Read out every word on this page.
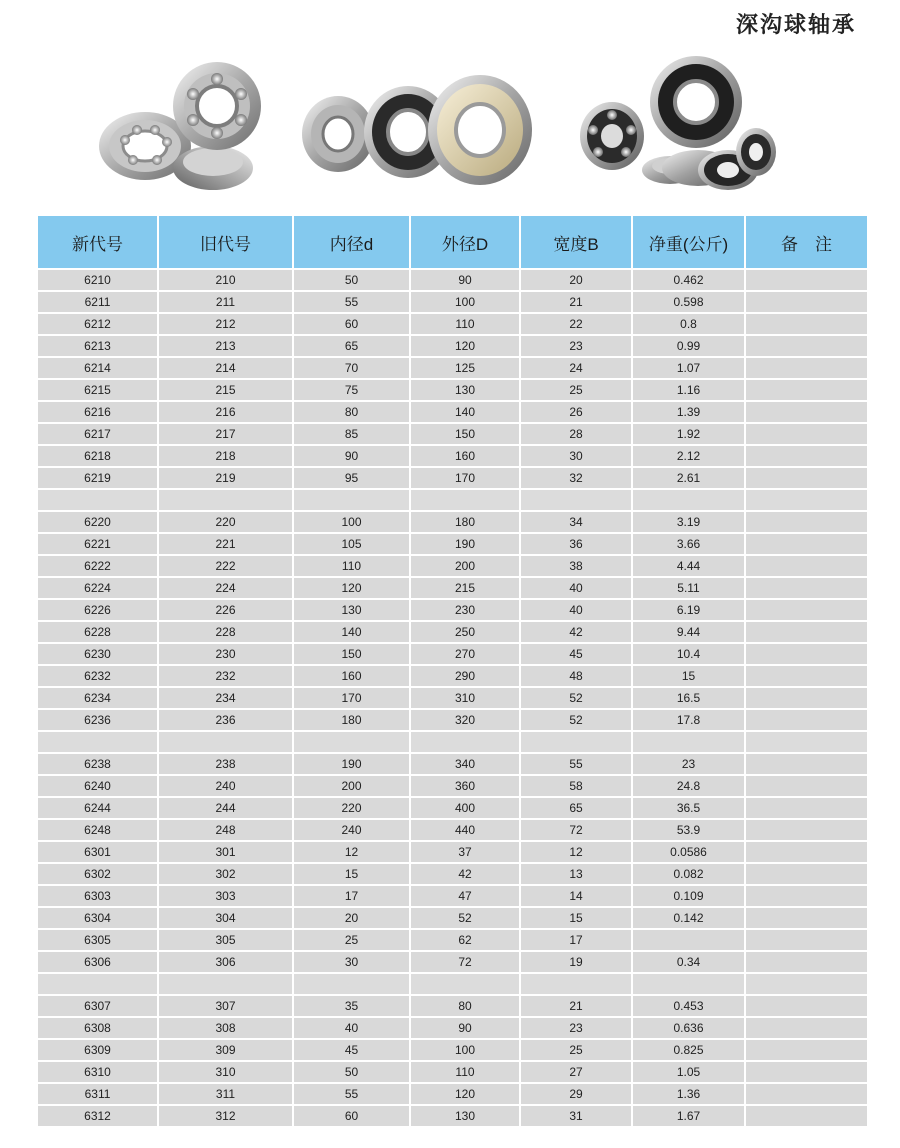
深沟球轴承
新代号	旧代号	内径d	外径D	宽度B	净重(公斤)	备　注
6210	210	50	90	20	0.462	
6211	211	55	100	21	0.598	
6212	212	60	110	22	0.8	
6213	213	65	120	23	0.99	
6214	214	70	125	24	1.07	
6215	215	75	130	25	1.16	
6216	216	80	140	26	1.39	
6217	217	85	150	28	1.92	
6218	218	90	160	30	2.12	
6219	219	95	170	32	2.61	

6220	220	100	180	34	3.19	
6221	221	105	190	36	3.66	
6222	222	110	200	38	4.44	
6224	224	120	215	40	5.11	
6226	226	130	230	40	6.19	
6228	228	140	250	42	9.44	
6230	230	150	270	45	10.4	
6232	232	160	290	48	15	
6234	234	170	310	52	16.5	
6236	236	180	320	52	17.8	

6238	238	190	340	55	23	
6240	240	200	360	58	24.8	
6244	244	220	400	65	36.5	
6248	248	240	440	72	53.9	
6301	301	12	37	12	0.0586	
6302	302	15	42	13	0.082	
6303	303	17	47	14	0.109	
6304	304	20	52	15	0.142	
6305	305	25	62	17		
6306	306	30	72	19	0.34	

6307	307	35	80	21	0.453	
6308	308	40	90	23	0.636	
6309	309	45	100	25	0.825	
6310	310	50	110	27	1.05	
6311	311	55	120	29	1.36	
6312	312	60	130	31	1.67	
